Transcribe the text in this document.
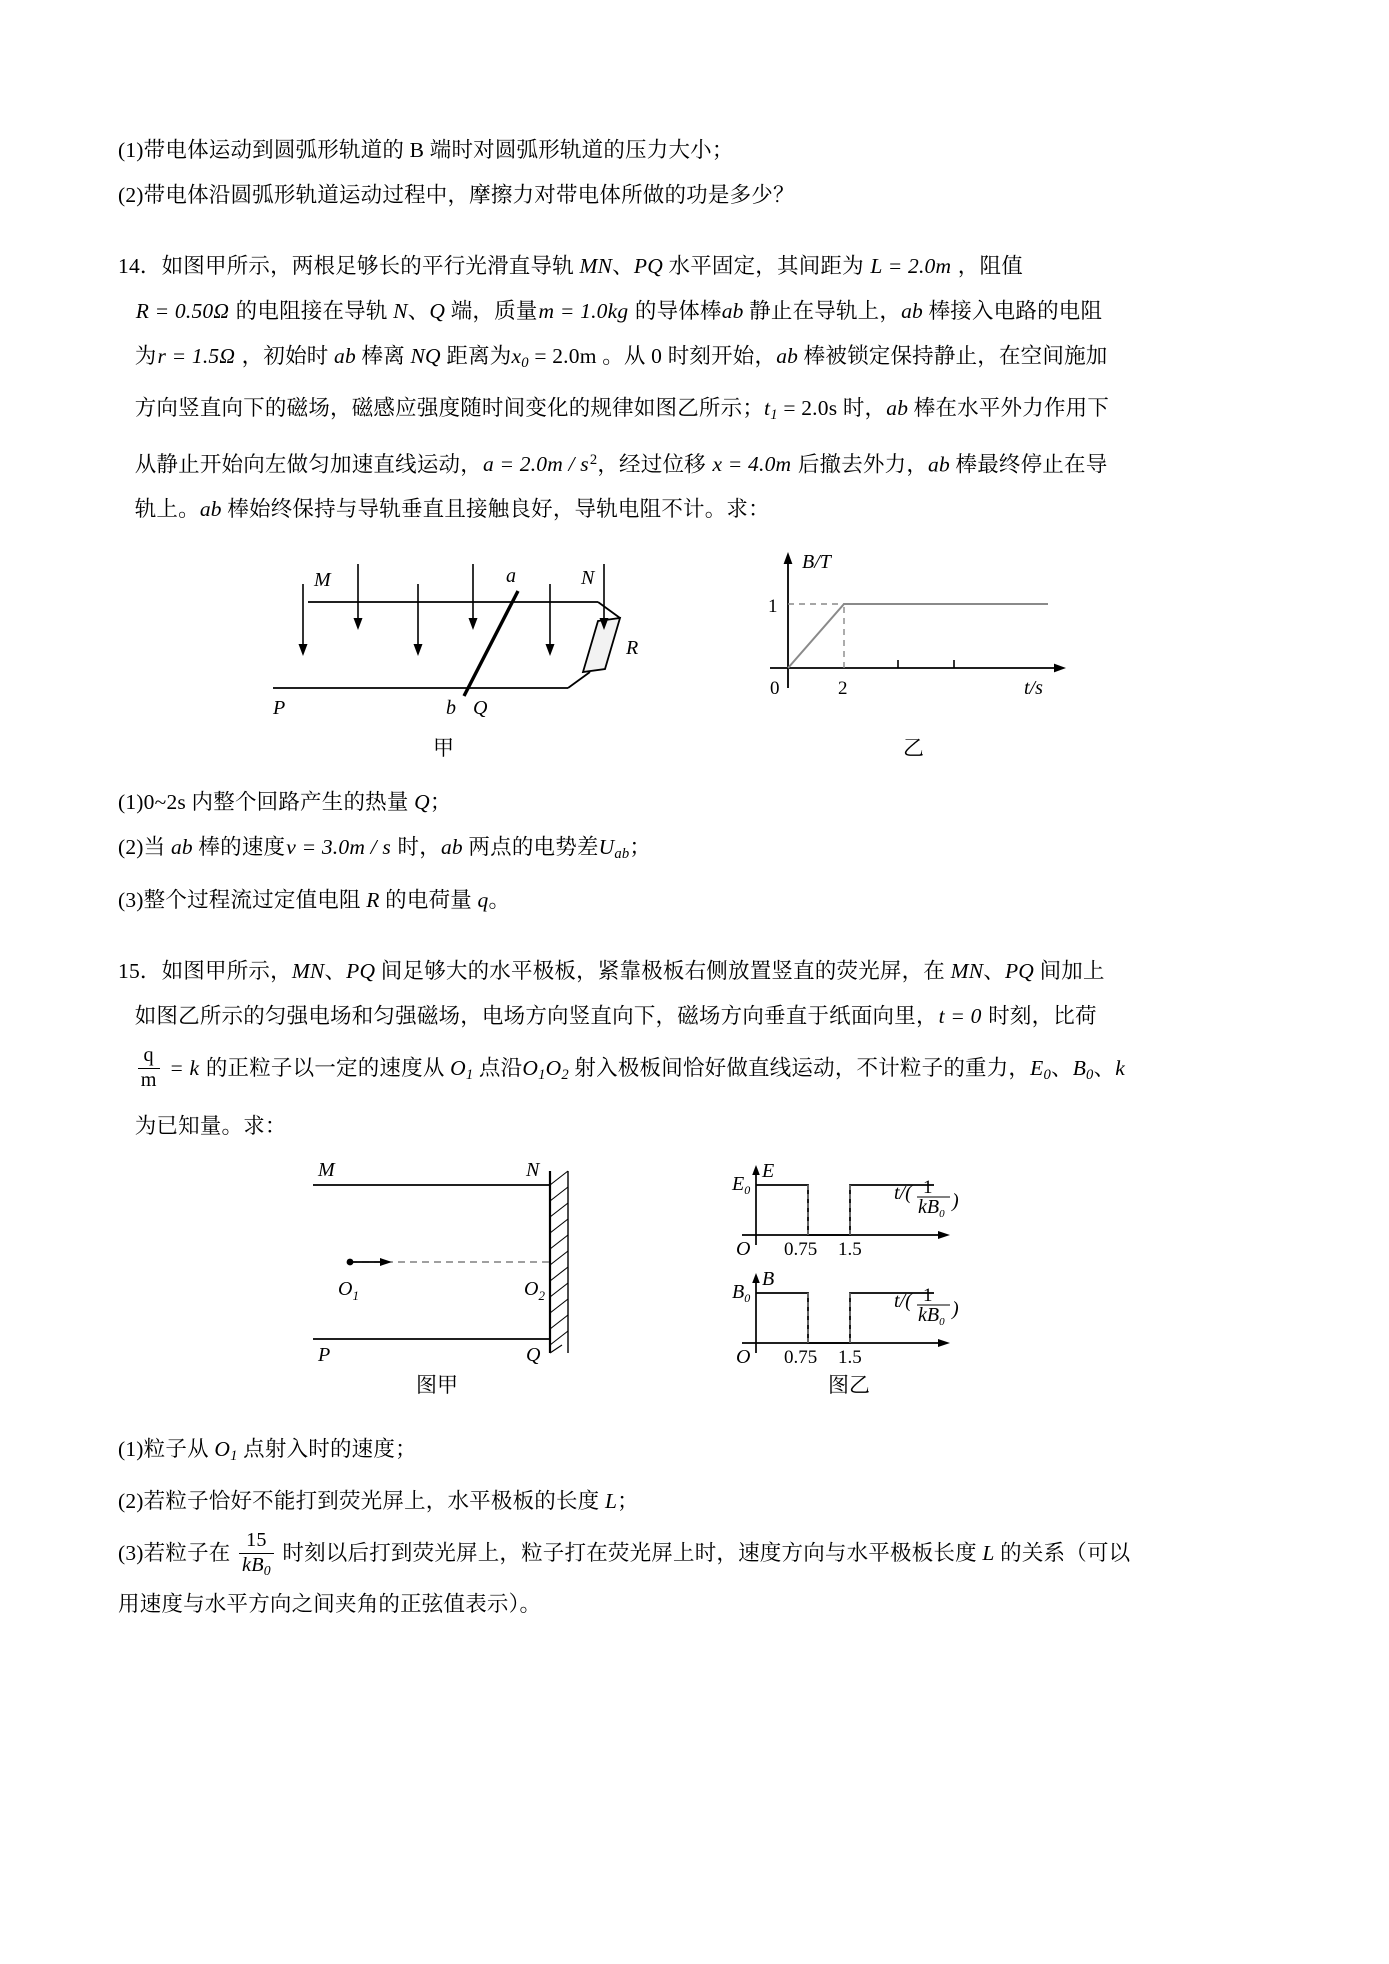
(1)带电体运动到圆弧形轨道的 B 端时对圆弧形轨道的压力大小；
(2)带电体沿圆弧形轨道运动过程中，摩擦力对带电体所做的功是多少？
14．如图甲所示，两根足够长的平行光滑直导轨 MN、PQ 水平固定，其间距为 L = 2.0m ，阻值
R = 0.50Ω 的电阻接在导轨 N、Q 端，质量m = 1.0kg 的导体棒ab 静止在导轨上，ab 棒接入电路的电阻
为r = 1.5Ω ，初始时 ab 棒离 NQ 距离为$x_0 = 2.0m$ 。从 0 时刻开始，ab 棒被锁定保持静止，在空间施加
方向竖直向下的磁场，磁感应强度随时间变化的规律如图乙所示；$t_1 = 2.0s$ 时，ab 棒在水平外力作用下
从静止开始向左做匀加速直线运动，$a = 2.0m / s^2$，经过位移 x = 4.0m 后撤去外力，ab 棒最终停止在导
轨上。ab 棒始终保持与导轨垂直且接触良好，导轨电阻不计。求：
M	N
P	Q
a
b
R
甲
B/T
t/s
1
0	2
乙
(1)0~2s 内整个回路产生的热量 Q；
(2)当 ab 棒的速度v = 3.0m / s 时，ab 两点的电势差$U_{ab}$；
(3)整个过程流过定值电阻 R 的电荷量 q。
15．如图甲所示，MN、PQ 间足够大的水平极板，紧靠极板右侧放置竖直的荧光屏，在 MN、PQ 间加上
如图乙所示的匀强电场和匀强磁场，电场方向竖直向下，磁场方向垂直于纸面向里，t = 0 时刻，比荷

$\frac{q}{m} = k$ 的正粒子以一定的速度从 $O_1$ 点沿$O_1O_2$ 射入极板间恰好做直线运动，不计粒子的重力，$E_0$、$B_0$、k
为已知量。求：
M	N
P	Q
$O_1$	$O_2$
图甲
E
$E_0$
O 0.75 1.5
t/( 1
$kB_0$
)
B
$B_0$
O 0.75 1.5
t/( 1
$kB_0$
)
图乙
(1)粒子从 $O_1$ 点射入时的速度；
(2)若粒子恰好不能打到荧光屏上，水平极板的长度 L；
(3)若粒子在 $\frac{15}{kB_0}$ 时刻以后打到荧光屏上，粒子打在荧光屏上时，速度方向与水平极板长度 L 的关系（可以
用速度与水平方向之间夹角的正弦值表示）。
